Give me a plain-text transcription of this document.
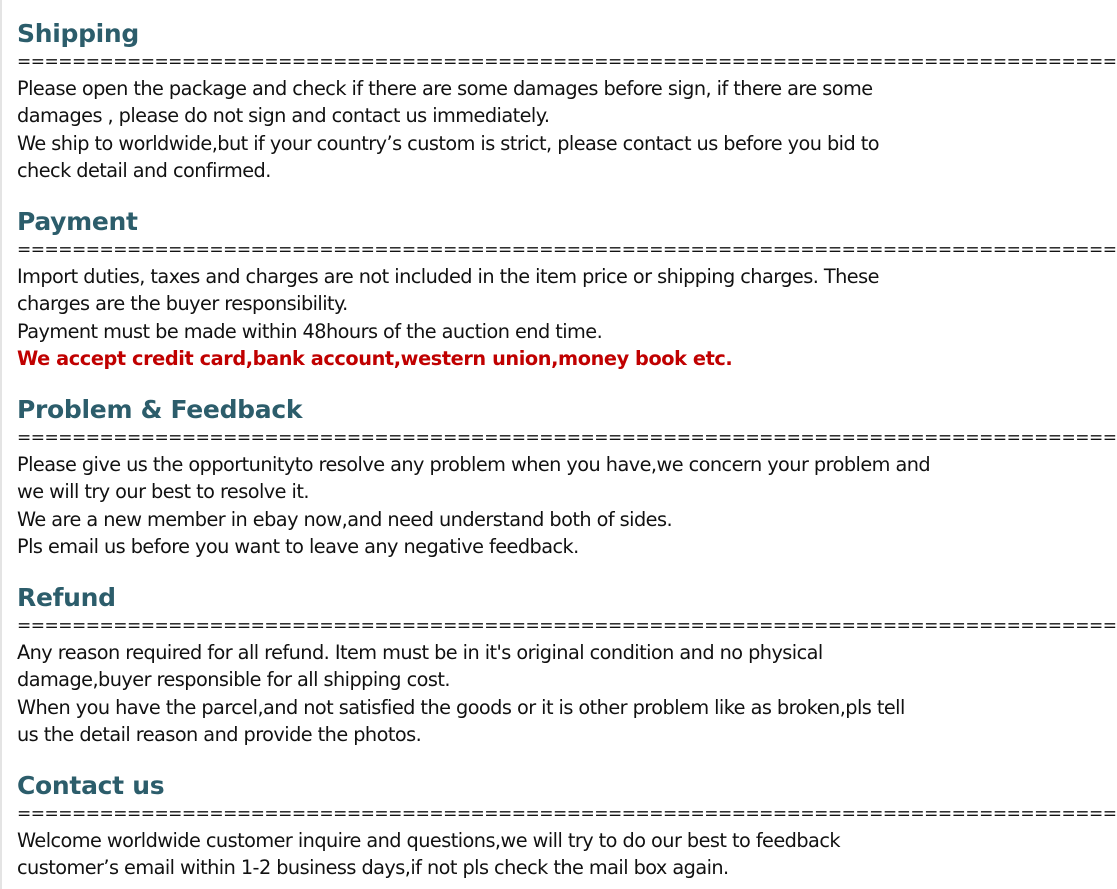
Shipping
================================================================================
Please open the package and check if there are some damages before sign, if there are some
damages , please do not sign and contact us immediately.
We ship to worldwide,but if your country’s custom is strict, please contact us before you bid to
check detail and confirmed.
Payment
================================================================================
Import duties, taxes and charges are not included in the item price or shipping charges. These
charges are the buyer responsibility.
Payment must be made within 48hours of the auction end time.
We accept credit card,bank account,western union,money book etc.
Problem & Feedback
================================================================================
Please give us the opportunityto resolve any problem when you have,we concern your problem and
we will try our best to resolve it.
We are a new member in ebay now,and need understand both of sides.
Pls email us before you want to leave any negative feedback.
Refund
================================================================================
Any reason required for all refund. Item must be in it's original condition and no physical
damage,buyer responsible for all shipping cost.
When you have the parcel,and not satisfied the goods or it is other problem like as broken,pls tell
us the detail reason and provide the photos.
Contact us
================================================================================
Welcome worldwide customer inquire and questions,we will try to do our best to feedback
customer’s email within 1-2 business days,if not pls check the mail box again.
